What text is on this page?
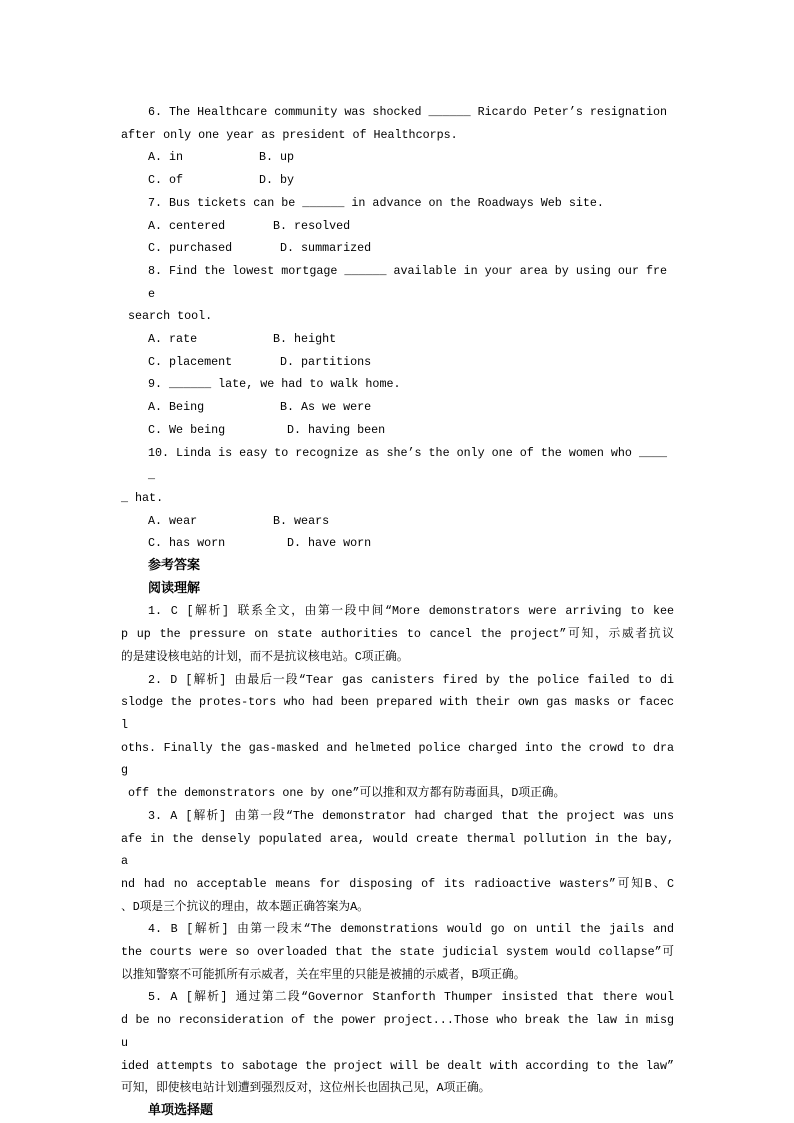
6. The Healthcare community was shocked ______ Ricardo Peter’s resignation
after only one year as president of Healthcorps.
A. in	B. up
C. of	D. by
7. Bus tickets can be ______ in advance on the Roadways Web site.
A. centered	B. resolved
C. purchased	D. summarized
8. Find the lowest mortgage ______ available in your area by using our free
search tool.
A. rate	B. height
C. placement	D. partitions
9. ______ late, we had to walk home.
A. Being	B. As we were
C. We being	D. having been
10. Linda is easy to recognize as she’s the only one of the women who _____
_ hat.
A. wear	B. wears
C. has worn	D. have worn
参考答案
阅读理解
1. C [解析] 联系全文，由第一段中间“More demonstrators were arriving to kee
p up the pressure on state authorities to cancel the project”可知，示威者抗议
的是建设核电站的计划，而不是抗议核电站。C项正确。
2. D [解析] 由最后一段“Tear gas canisters fired by the police failed to di
slodge the protes-tors who had been prepared with their own gas masks or facecl
oths. Finally the gas-masked and helmeted police charged into the crowd to drag
off the demonstrators one by one”可以推和双方都有防毒面具，D项正确。
3. A [解析] 由第一段“The demonstrator had charged that the project was uns
afe in the densely populated area, would create thermal pollution in the bay, a
nd had no acceptable means for disposing of its radioactive wasters”可知B、C
、D项是三个抗议的理由，故本题正确答案为A。
4. B [解析] 由第一段末“The demonstrations would go on until the jails and
the courts were so overloaded that the state judicial system would collapse”可
以推知警察不可能抓所有示威者，关在牢里的只能是被捕的示威者，B项正确。
5. A [解析] 通过第二段“Governor Stanforth Thumper insisted that there woul
d be no reconsideration of the power project...Those who break the law in misgu
ided attempts to sabotage the project will be dealt with according to the law”
可知，即使核电站计划遭到强烈反对，这位州长也固执己见，A项正确。
单项选择题
